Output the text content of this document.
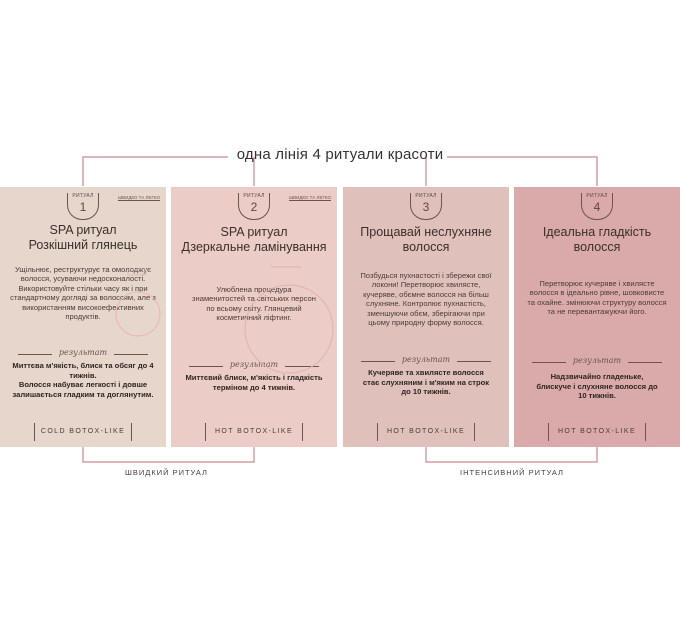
одна лінія 4 ритуали красоти
РИТУАЛ
1
ШВИДКО ТА ЛЕГКО
SPA ритуал
Розкішний глянець
Ущільнює, реструктурує та омолоджує волосся, усуваючи недосконалості.
Використовуйте стільки часу як і при стандартному догляді за волоссям, але з використанням високоефективних продуктів.
результат
Миттєва м'якість, блиск та обсяг до 4 тижнів.
Волосся набуває легкості і довше залишається гладким та доглянутим.
COLD BOTOX-LIKE
РИТУАЛ
2
ШВИДКО ТА ЛЕГКО
SPA ритуал
Дзеркальне ламінування
Улюблена процедура знаменитостей та світських персон по всьому світу. Глянцевий косметичний ліфтинг.
результат
Миттєвий блиск, м'якість і гладкість терміном до 4 тижнів.
HOT BOTOX-LIKE
РИТУАЛ
3
Прощавай неслухняне волосся
Позбудься пухнастості і збережи свої локони! Перетворює хвилясте, кучеряве, обємне волосся на більш слухняне. Контролює пухнастість, зменшуючи обєм, зберігаючи при цьому природну форму волосся.
результат
Кучеряве та хвилясте волосся стає слухняним і м'яким на строк до 10 тижнів.
HOT BOTOX-LIKE
РИТУАЛ
4
Ідеальна гладкість волосся
Перетворює кучеряве і хвилясте волосся в ідеально рівне, шовковисте та охайне. змінюючи структуру волосся та не перевантажуючи його.
результат
Надзвичайно гладеньке, блискуче і слухняне волосся до 10 тижнів.
HOT BOTOX-LIKE
ШВИДКИЙ РИТУАЛ	ІНТЕНСИВНИЙ РИТУАЛ
